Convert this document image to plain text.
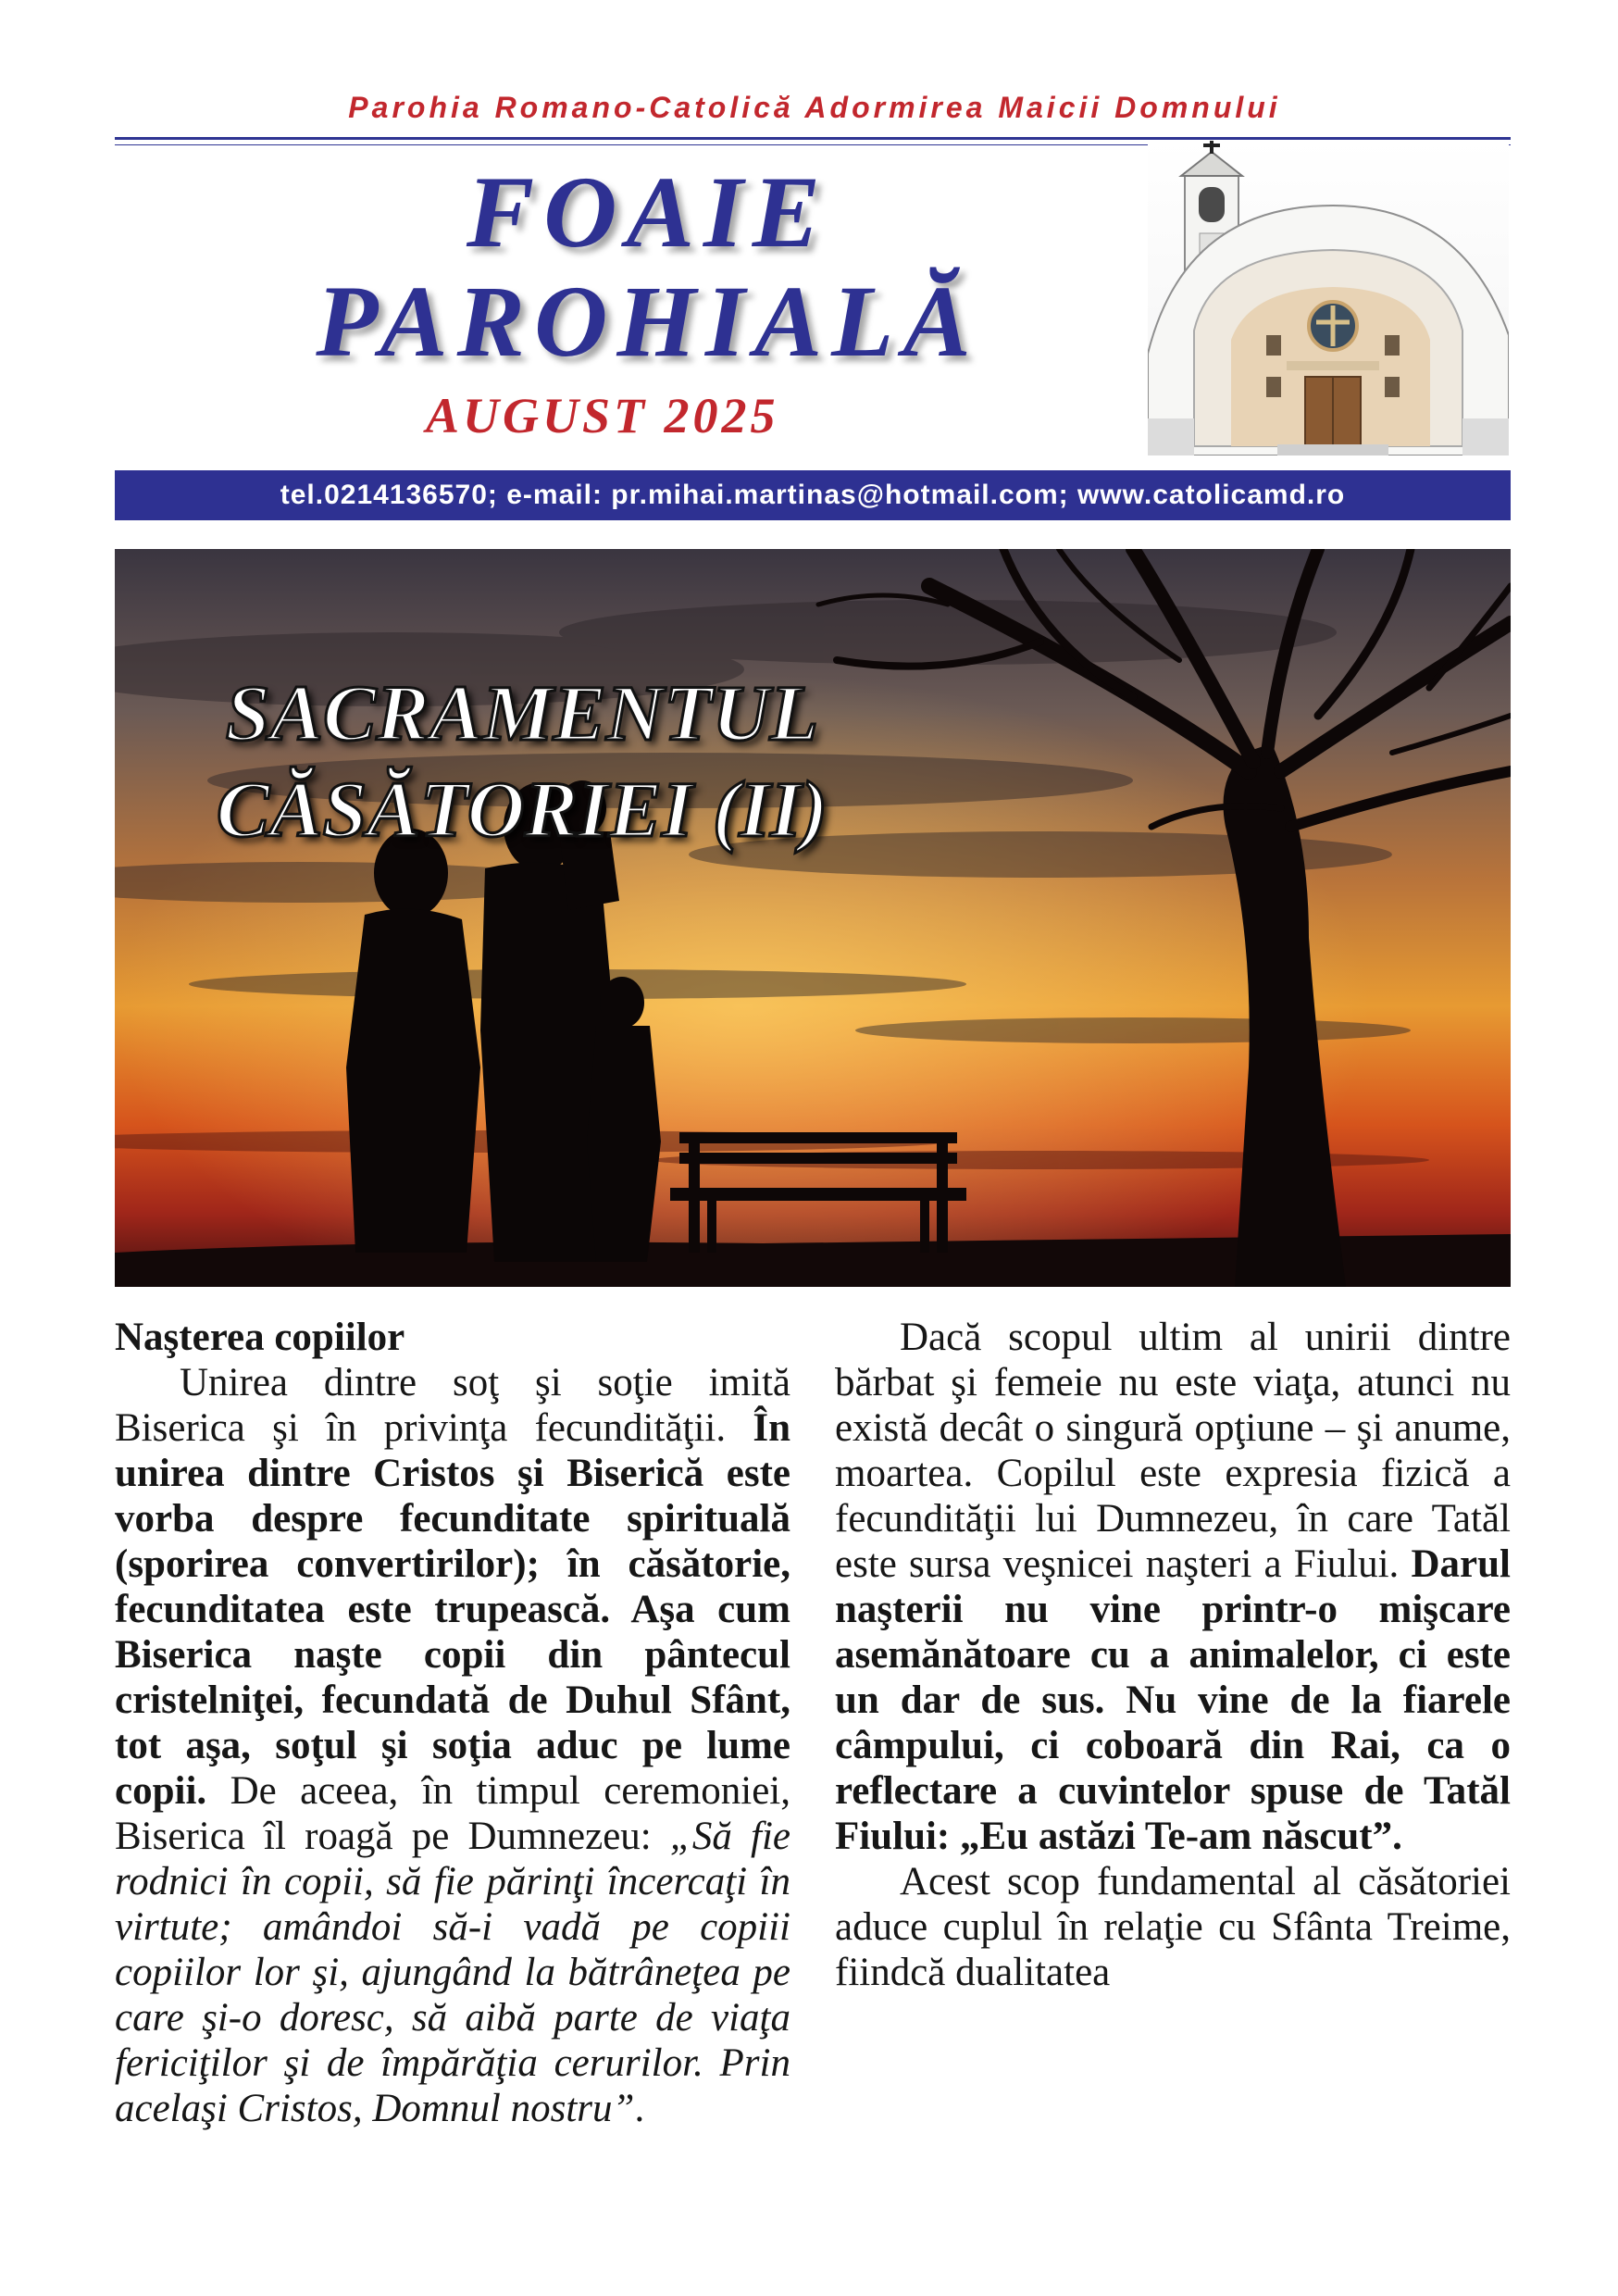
Parohia Romano-Catolică Adormirea Maicii Domnului
FOAIE
PAROHIALĂ
AUGUST 2025
tel.0214136570; e-mail: pr.mihai.martinas@hotmail.com; www.catolicamd.ro
SACRAMENTUL
CĂSĂTORIEI (II)

Naşterea copiilor

Unirea dintre soţ şi soţie imită Biserica şi în privinţa fecundităţii. În unirea dintre Cristos şi Biserică este vorba despre fecunditate spirituală (sporirea convertirilor); în căsătorie, fecunditatea este trupească. Aşa cum Biserica naşte copii din pântecul cristelniţei, fecundată de Duhul Sfânt, tot aşa, soţul şi soţia aduc pe lume copii. De aceea, în timpul ceremoniei, Biserica îl roagă pe Dumnezeu: „Să fie rodnici în copii, să fie părinţi încercaţi în virtute; amândoi să-i vadă pe copiii copiilor lor şi, ajungând la bătrâneţea pe care şi-o doresc, să aibă parte de viaţa fericiţilor şi de împărăţia cerurilor. Prin acelaşi Cristos, Domnul nostru”.

Dacă scopul ultim al unirii dintre bărbat şi femeie nu este viaţa, atunci nu există decât o singură opţiune – şi anume, moartea. Copilul este expresia fizică a fecundităţii lui Dumnezeu, în care Tatăl este sursa veşnicei naşteri a Fiului. Darul naşterii nu vine printr-o mişcare asemănătoare cu a animalelor, ci este un dar de sus. Nu vine de la fiarele câmpului, ci coboară din Rai, ca o reflectare a cuvintelor spuse de Tatăl Fiului: „Eu astăzi Te-am născut”.

Acest scop fundamental al căsătoriei aduce cuplul în relaţie cu Sfânta Treime, fiindcă dualitatea
